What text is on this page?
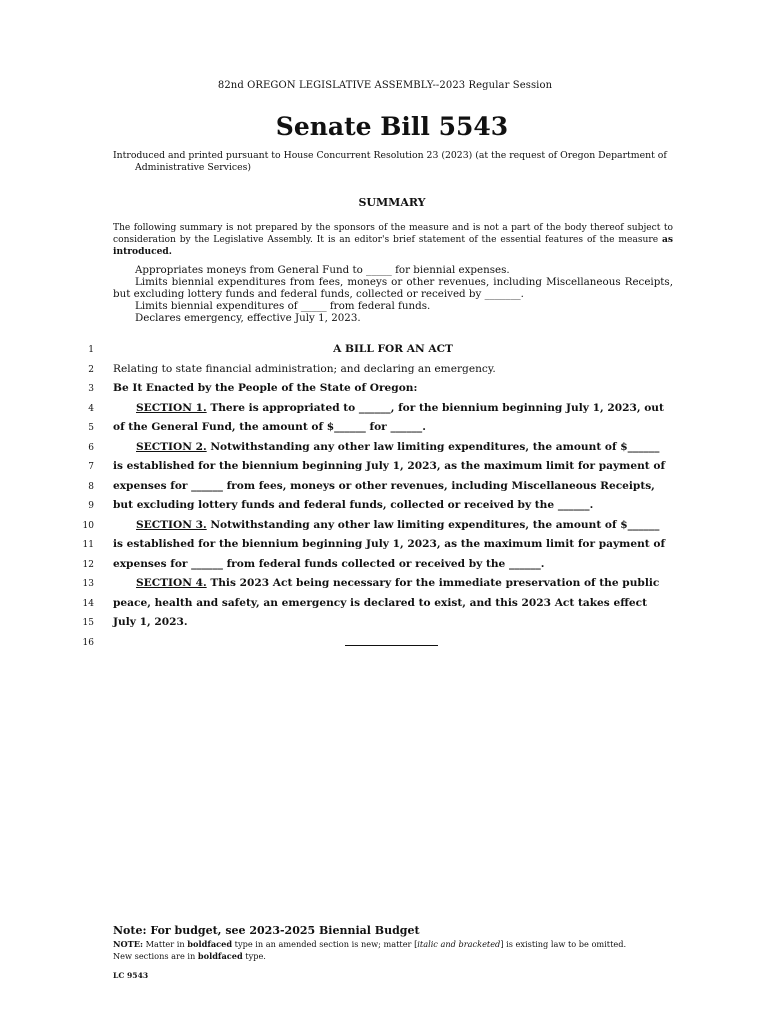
82nd OREGON LEGISLATIVE ASSEMBLY--2023 Regular Session
Senate Bill 5543
Introduced and printed pursuant to House Concurrent Resolution 23 (2023) (at the request of Oregon Department of Administrative Services)
SUMMARY
The following summary is not prepared by the sponsors of the measure and is not a part of the body thereof subject to consideration by the Legislative Assembly. It is an editor's brief statement of the essential features of the measure as introduced.
Appropriates moneys from General Fund to _____ for biennial expenses.
Limits biennial expenditures from fees, moneys or other revenues, including Miscellaneous Receipts, but excluding lottery funds and federal funds, collected or received by _______.
Limits biennial expenditures of _____ from federal funds.
Declares emergency, effective July 1, 2023.
1	A BILL FOR AN ACT
2 Relating to state financial administration; and declaring an emergency.
3 Be It Enacted by the People of the State of Oregon:
4	SECTION 1. There is appropriated to ______, for the biennium beginning July 1, 2023, out
5 of the General Fund, the amount of $______ for ______.
6	SECTION 2. Notwithstanding any other law limiting expenditures, the amount of $______
7 is established for the biennium beginning July 1, 2023, as the maximum limit for payment of
8 expenses for ______ from fees, moneys or other revenues, including Miscellaneous Receipts,
9 but excluding lottery funds and federal funds, collected or received by the ______.
10	SECTION 3. Notwithstanding any other law limiting expenditures, the amount of $______
11 is established for the biennium beginning July 1, 2023, as the maximum limit for payment of
12 expenses for ______ from federal funds collected or received by the ______.
13	SECTION 4. This 2023 Act being necessary for the immediate preservation of the public
14 peace, health and safety, an emergency is declared to exist, and this 2023 Act takes effect
15 July 1, 2023.
16
Note: For budget, see 2023-2025 Biennial Budget
NOTE: Matter in boldfaced type in an amended section is new; matter [italic and bracketed] is existing law to be omitted.
New sections are in boldfaced type.
LC 9543
